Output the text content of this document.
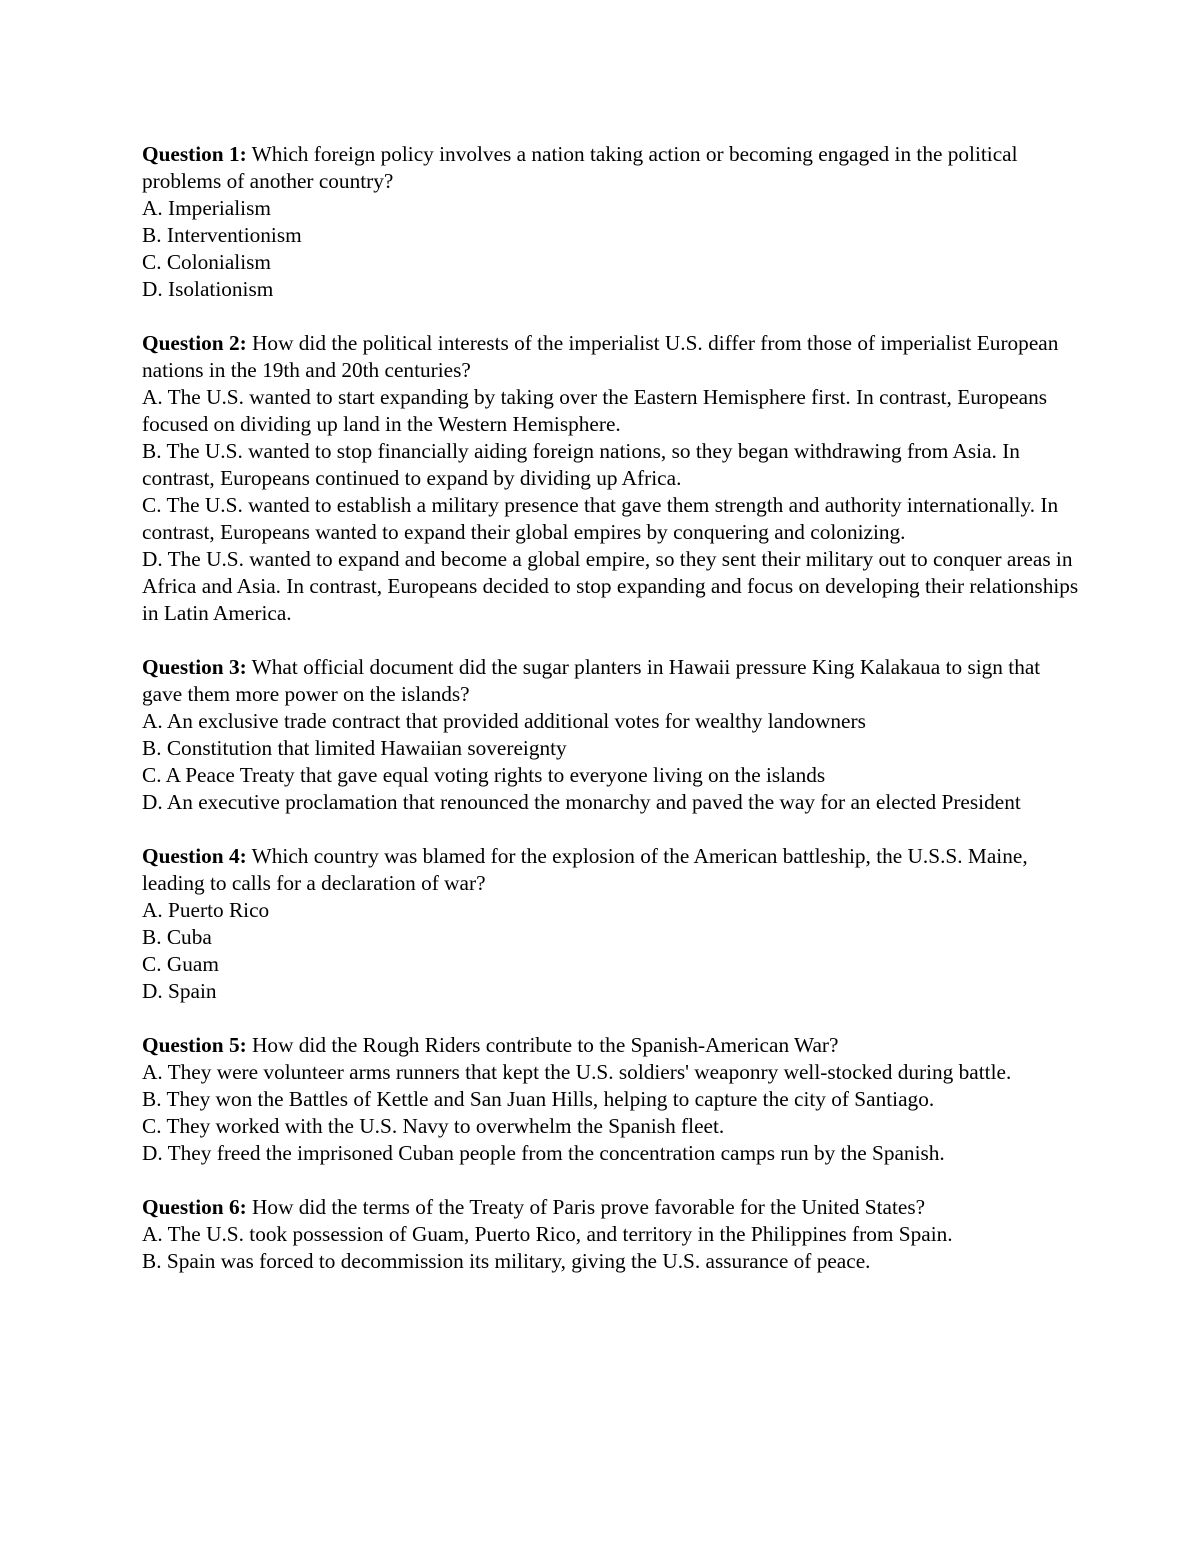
Question 1: Which foreign policy involves a nation taking action or becoming engaged in the political problems of another country?

A. Imperialism

B. Interventionism

C. Colonialism

D. Isolationism

Question 2: How did the political interests of the imperialist U.S. differ from those of imperialist European nations in the 19th and 20th centuries?

A. The U.S. wanted to start expanding by taking over the Eastern Hemisphere first. In contrast, Europeans focused on dividing up land in the Western Hemisphere.

B. The U.S. wanted to stop financially aiding foreign nations, so they began withdrawing from Asia. In contrast, Europeans continued to expand by dividing up Africa.

C. The U.S. wanted to establish a military presence that gave them strength and authority internationally. In contrast, Europeans wanted to expand their global empires by conquering and colonizing.

D. The U.S. wanted to expand and become a global empire, so they sent their military out to conquer areas in Africa and Asia. In contrast, Europeans decided to stop expanding and focus on developing their relationships in Latin America.

Question 3: What official document did the sugar planters in Hawaii pressure King Kalakaua to sign that gave them more power on the islands?

A. An exclusive trade contract that provided additional votes for wealthy landowners

B. Constitution that limited Hawaiian sovereignty

C. A Peace Treaty that gave equal voting rights to everyone living on the islands

D. An executive proclamation that renounced the monarchy and paved the way for an elected President

Question 4: Which country was blamed for the explosion of the American battleship, the U.S.S. Maine, leading to calls for a declaration of war?

A. Puerto Rico

B. Cuba

C. Guam

D. Spain

Question 5: How did the Rough Riders contribute to the Spanish-American War?

A. They were volunteer arms runners that kept the U.S. soldiers' weaponry well-stocked during battle.

B. They won the Battles of Kettle and San Juan Hills, helping to capture the city of Santiago.

C. They worked with the U.S. Navy to overwhelm the Spanish fleet.

D. They freed the imprisoned Cuban people from the concentration camps run by the Spanish.

Question 6: How did the terms of the Treaty of Paris prove favorable for the United States?

A. The U.S. took possession of Guam, Puerto Rico, and territory in the Philippines from Spain.

B. Spain was forced to decommission its military, giving the U.S. assurance of peace.
